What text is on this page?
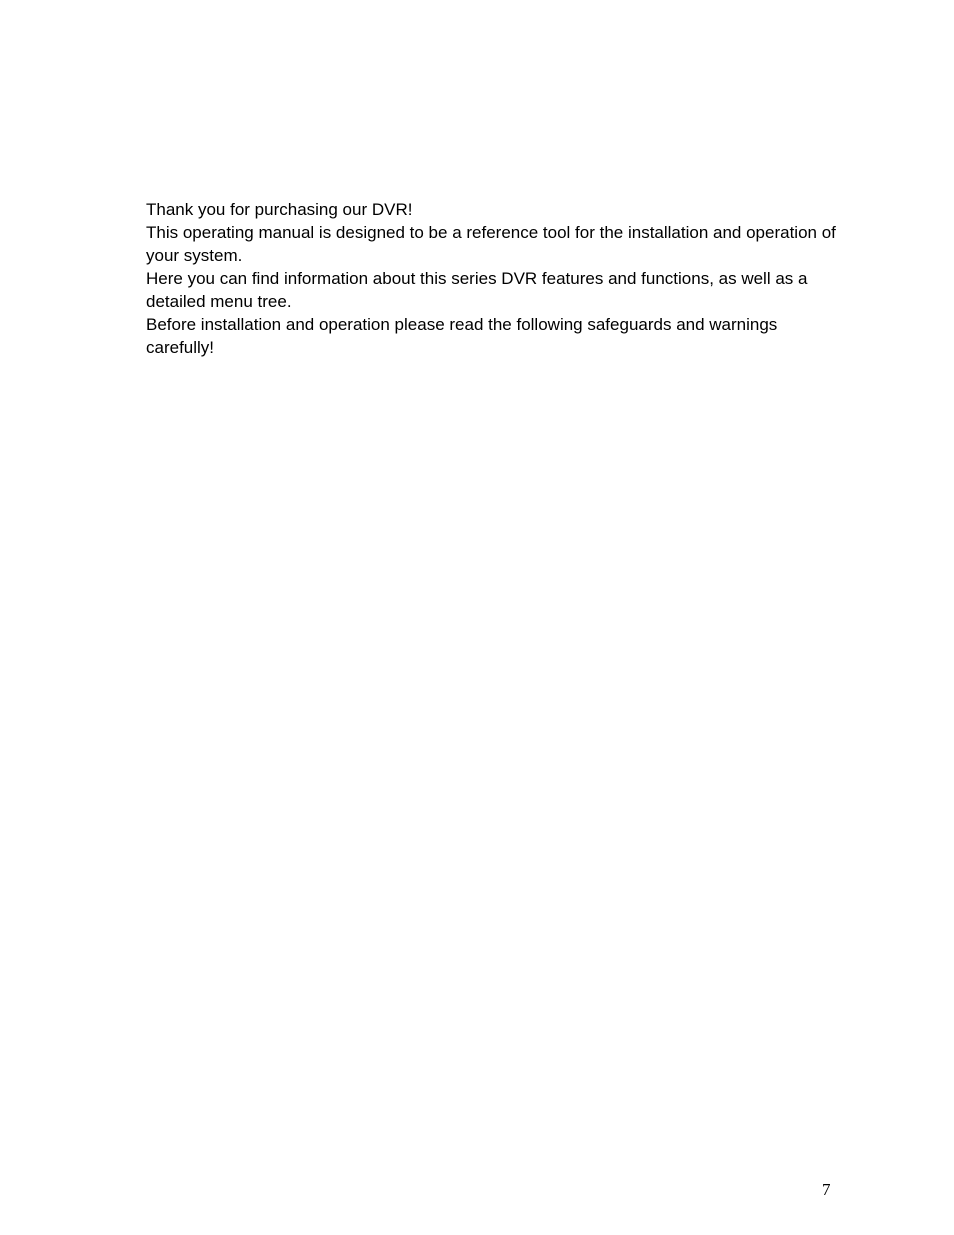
Thank you for purchasing our DVR!

This operating manual is designed to be a reference tool for the installation and operation of your system.

Here you can find information about this series DVR features and functions, as well as a detailed menu tree.

Before installation and operation please read the following safeguards and warnings carefully!

7
